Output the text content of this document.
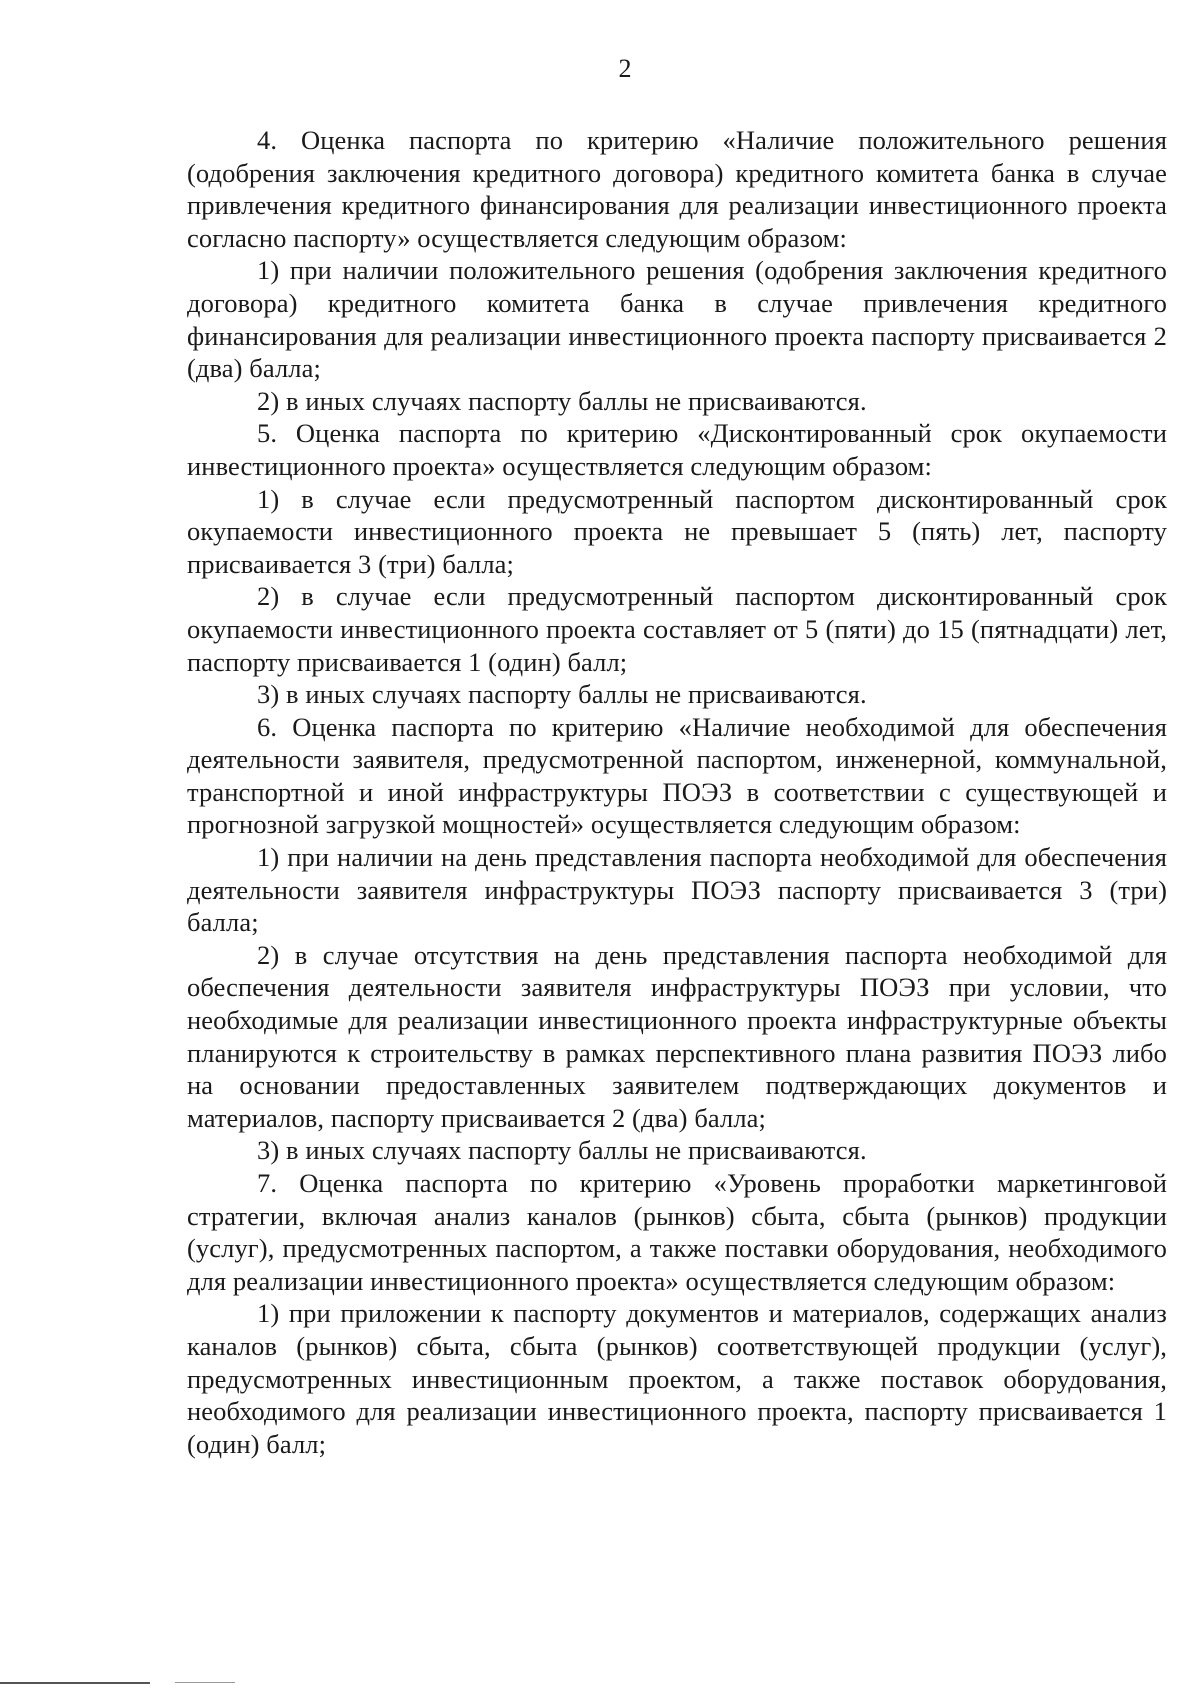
2

4. Оценка паспорта по критерию «Наличие положительного решения (одобрения заключения кредитного договора) кредитного комитета банка в случае привлечения кредитного финансирования для реализации инвестиционного проекта согласно паспорту» осуществляется следующим образом:

1) при наличии положительного решения (одобрения заключения кредитного договора) кредитного комитета банка в случае привлечения кредитного финансирования для реализации инвестиционного проекта паспорту присваивается 2 (два) балла;

2) в иных случаях паспорту баллы не присваиваются.

5. Оценка паспорта по критерию «Дисконтированный срок окупаемости инвестиционного проекта» осуществляется следующим образом:

1) в случае если предусмотренный паспортом дисконтированный срок окупаемости инвестиционного проекта не превышает 5 (пять) лет, паспорту присваивается 3 (три) балла;

2) в случае если предусмотренный паспортом дисконтированный срок окупаемости инвестиционного проекта составляет от 5 (пяти) до 15 (пятнадцати) лет, паспорту присваивается 1 (один) балл;

3) в иных случаях паспорту баллы не присваиваются.

6. Оценка паспорта по критерию «Наличие необходимой для обеспечения деятельности заявителя, предусмотренной паспортом, инженерной, коммунальной, транспортной и иной инфраструктуры ПОЭЗ в соответствии с существующей и прогнозной загрузкой мощностей» осуществляется следующим образом:

1) при наличии на день представления паспорта необходимой для обеспечения деятельности заявителя инфраструктуры ПОЭЗ паспорту присваивается 3 (три) балла;

2) в случае отсутствия на день представления паспорта необходимой для обеспечения деятельности заявителя инфраструктуры ПОЭЗ при условии, что необходимые для реализации инвестиционного проекта инфраструктурные объекты планируются к строительству в рамках перспективного плана развития ПОЭЗ либо на основании предоставленных заявителем подтверждающих документов и материалов, паспорту присваивается 2 (два) балла;

3) в иных случаях паспорту баллы не присваиваются.

7. Оценка паспорта по критерию «Уровень проработки маркетинговой стратегии, включая анализ каналов (рынков) сбыта, сбыта (рынков) продукции (услуг), предусмотренных паспортом, а также поставки оборудования, необходимого для реализации инвестиционного проекта» осуществляется следующим образом:

1) при приложении к паспорту документов и материалов, содержащих анализ каналов (рынков) сбыта, сбыта (рынков) соответствующей продукции (услуг), предусмотренных инвестиционным проектом, а также поставок оборудования, необходимого для реализации инвестиционного проекта, паспорту присваивается 1 (один) балл;
